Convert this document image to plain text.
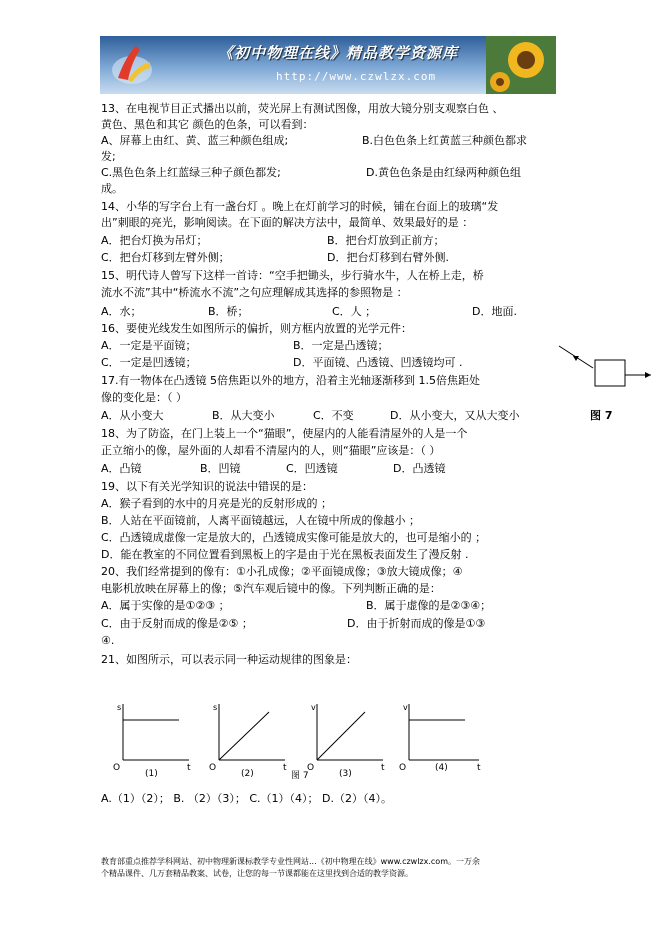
《初中物理在线》精品教学资源库
http://www.czwlzx.com
13、在电视节目正式播出以前，荧光屏上有测试图像，用放大镜分别支观察白色 、
黄色、黑色和其它 颜色的色条，可以看到：
A、屏幕上由红、黄、蓝三种颜色组成;	B.白色色条上红黄蓝三种颜色都求
发;
C.黑色色条上红蓝绿三种子颜色都发;	D.黄色色条是由红绿两种颜色组
成。
14、小华的写字台上有一盏台灯 。晚上在灯前学习的时候，铺在台面上的玻璃“发
出”刺眼的亮光，影响阅读。在下面的解决方法中，最简单、效果最好的是 ：
A．把台灯换为吊灯；	B．把台灯放到正前方；
C．把台灯移到左臂外侧；	D．把台灯移到右臂外侧.
15、明代诗人曾写下这样一首诗：“空手把锄头，步行骑水牛，人在桥上走，桥
流水不流”其中“桥流水不流”之句应理解成其选择的参照物是 ：
A．水；	B．桥；	C．人 ；	D．地面.
16、要使光线发生如图所示的偏折，则方框内放置的光学元件：
A．一定是平面镜；	B．一定是凸透镜；
C．一定是凹透镜；	D．平面镜、凸透镜、凹透镜均可 .
图 7
17.有一物体在凸透镜 5倍焦距以外的地方，沿着主光轴逐渐移到 1.5倍焦距处
像的变化是：（ ）
A．从小变大	B．从大变小	C．不变	D．从小变大，又从大变小
18、为了防盗，在门上装上一个“猫眼”，使屋内的人能看清屋外的人是一个
正立缩小的像，屋外面的人却看不清屋内的人，则“猫眼”应该是：（ ）
A．凸镜	B．凹镜	C．凹透镜	D．凸透镜
19、以下有关光学知识的说法中错误的是：
A．猴子看到的水中的月亮是光的反射形成的 ；
B．人站在平面镜前，人离平面镜越远，人在镜中所成的像越小 ；
C．凸透镜成虚像一定是放大的，凸透镜成实像可能是放大的，也可是缩小的 ；
D．能在教室的不同位置看到黑板上的字是由于光在黑板表面发生了漫反射 .
20、我们经常提到的像有：①小孔成像；②平面镜成像；③放大镜成像；④
电影机放映在屏幕上的像；⑤汽车观后镜中的像。下列判断正确的是：
A．属于实像的是①②③ ；	B．属于虚像的是②③④；
C．由于反射而成的像是②⑤ ；	D．由于折射而成的像是①③
④.
21、如图所示，可以表示同一种运动规律的图象是：
s
t
O
(1)
s
t
O
(2)
v
t
O
(3)
v
t
O	(4)
图 7
A.（1）（2）； B. （2）（3）； C.（1）（4）； D.（2）（4）。
教育部重点推荐学科网站、初中物理新课标教学专业性网站...《初中物理在线》www.czwlzx.com。一万余
个精品课件、几万套精品教案、试卷，让您的每一节课都能在这里找到合适的教学资源。
